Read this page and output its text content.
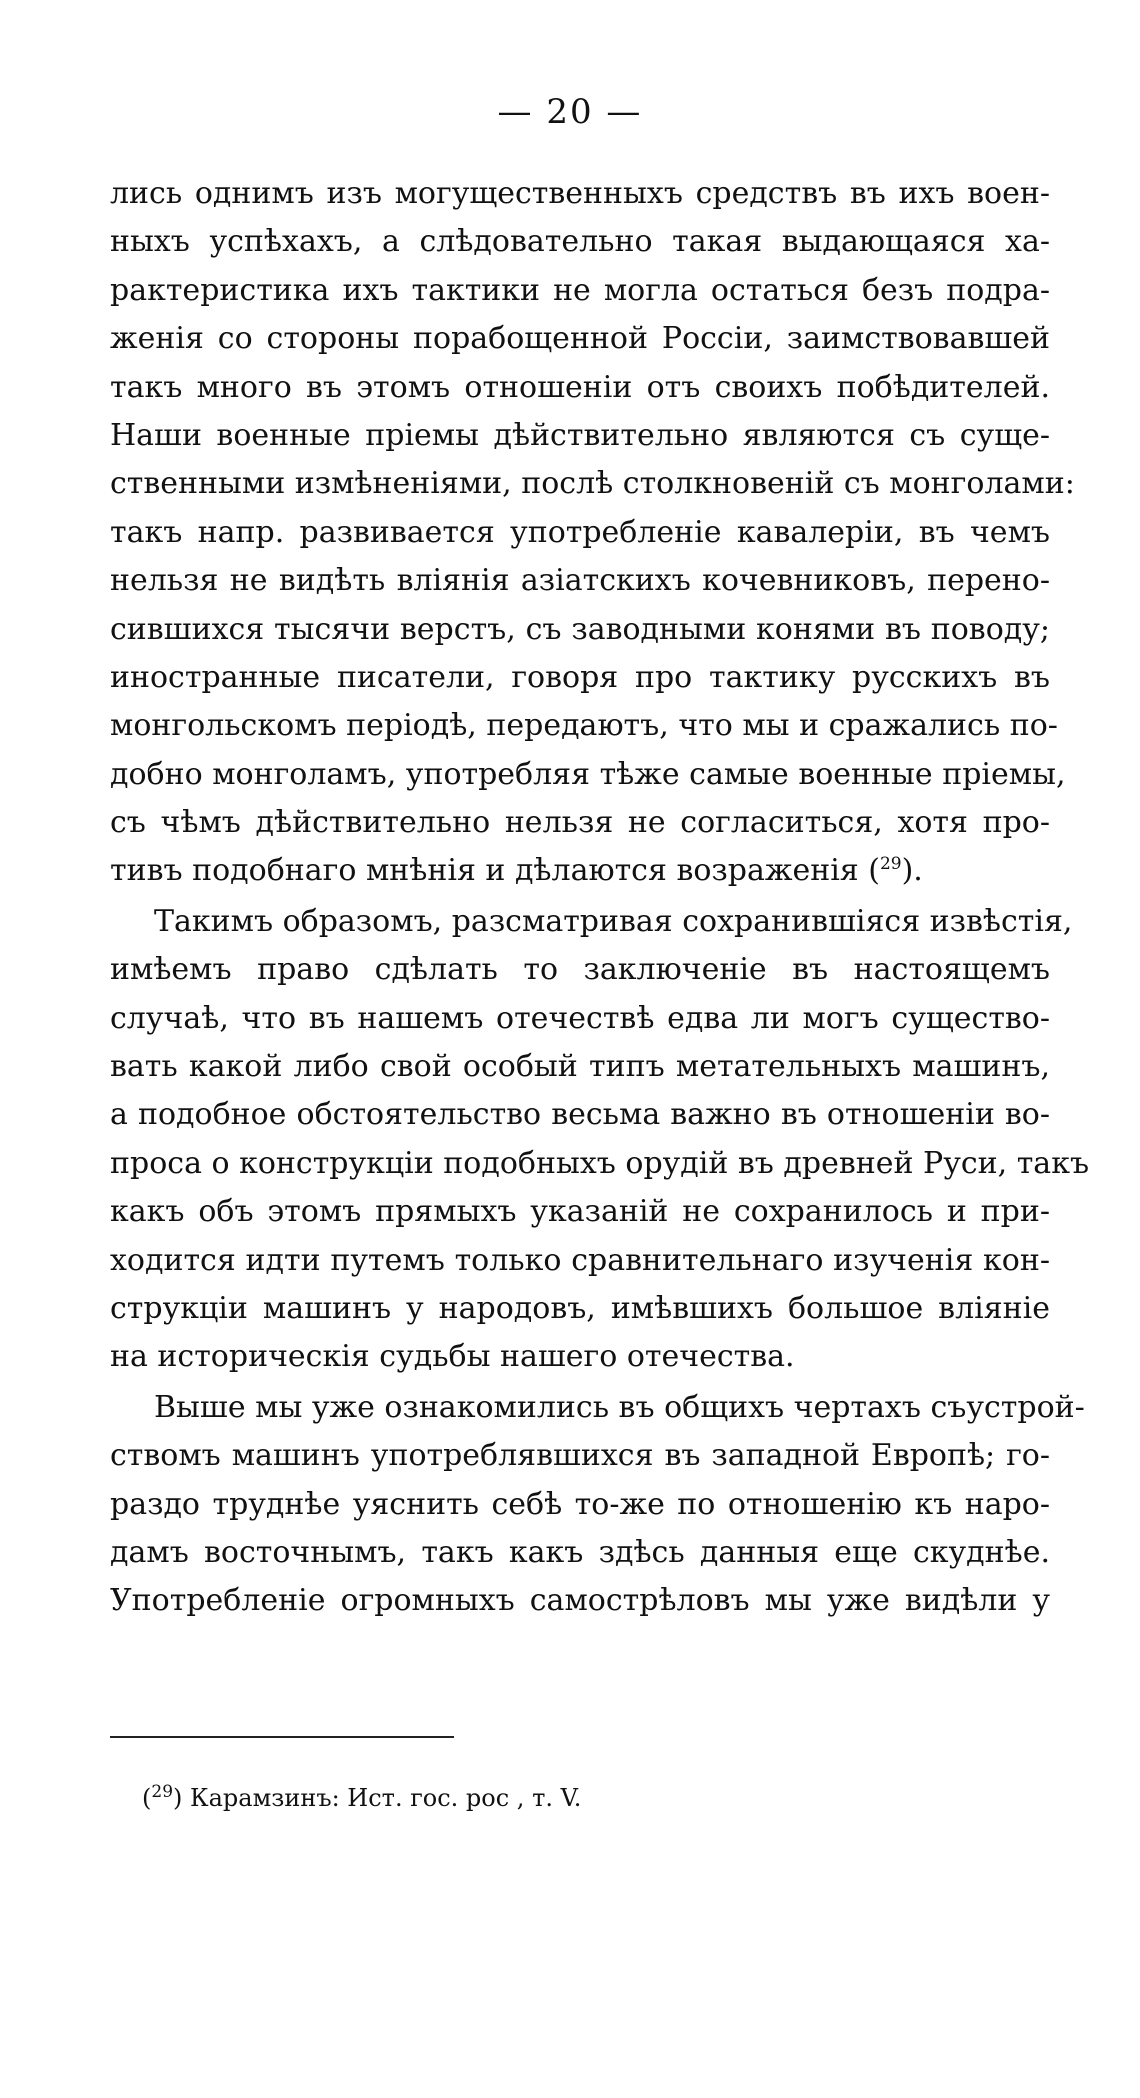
— 20 —
лись однимъ изъ могущественныхъ средствъ въ ихъ воен-
ныхъ успѣхахъ, а слѣдовательно такая выдающаяся ха-
рактеристика ихъ тактики не могла остаться безъ подра-
женія со стороны порабощенной Россіи, заимствовавшей
такъ много въ этомъ отношеніи отъ своихъ побѣдителей.
Наши военные пріемы дѣйствительно являются съ суще-
ственными измѣненіями, послѣ столкновеній съ монголами:
такъ напр. развивается употребленіе кавалеріи, въ чемъ
нельзя не видѣть вліянія азіатскихъ кочевниковъ, перено-
сившихся тысячи верстъ, съ заводными конями въ поводу;
иностранные писатели, говоря про тактику русскихъ въ
монгольскомъ періодѣ, передаютъ, что мы и сражались по-
добно монголамъ, употребляя тѣже самые военные пріемы,
съ чѣмъ дѣйствительно нельзя не согласиться, хотя про-
тивъ подобнаго мнѣнія и дѣлаются возраженія ($^{29}$).
Такимъ образомъ, разсматривая сохранившіяся извѣстія,
имѣемъ право сдѣлать то заключеніе въ настоящемъ
случаѣ, что въ нашемъ отечествѣ едва ли могъ существо-
вать какой либо свой особый типъ метательныхъ машинъ,
а подобное обстоятельство весьма важно въ отношеніи во-
проса о конструкціи подобныхъ орудій въ древней Руси, такъ
какъ объ этомъ прямыхъ указаній не сохранилось и при-
ходится идти путемъ только сравнительнаго изученія кон-
струкціи машинъ у народовъ, имѣвшихъ большое вліяніе
на историческія судьбы нашего отечества.
Выше мы уже ознакомились въ общихъ чертахъ съустрой-
ствомъ машинъ употреблявшихся въ западной Европѣ; го-
раздо труднѣе уяснить себѣ то-же по отношенію къ наро-
дамъ восточнымъ, такъ какъ здѣсь данныя еще скуднѣе.
Употребленіе огромныхъ самострѣловъ мы уже видѣли у
($^{29}$) Карамзинъ: Ист. гос. рос , т. V.
